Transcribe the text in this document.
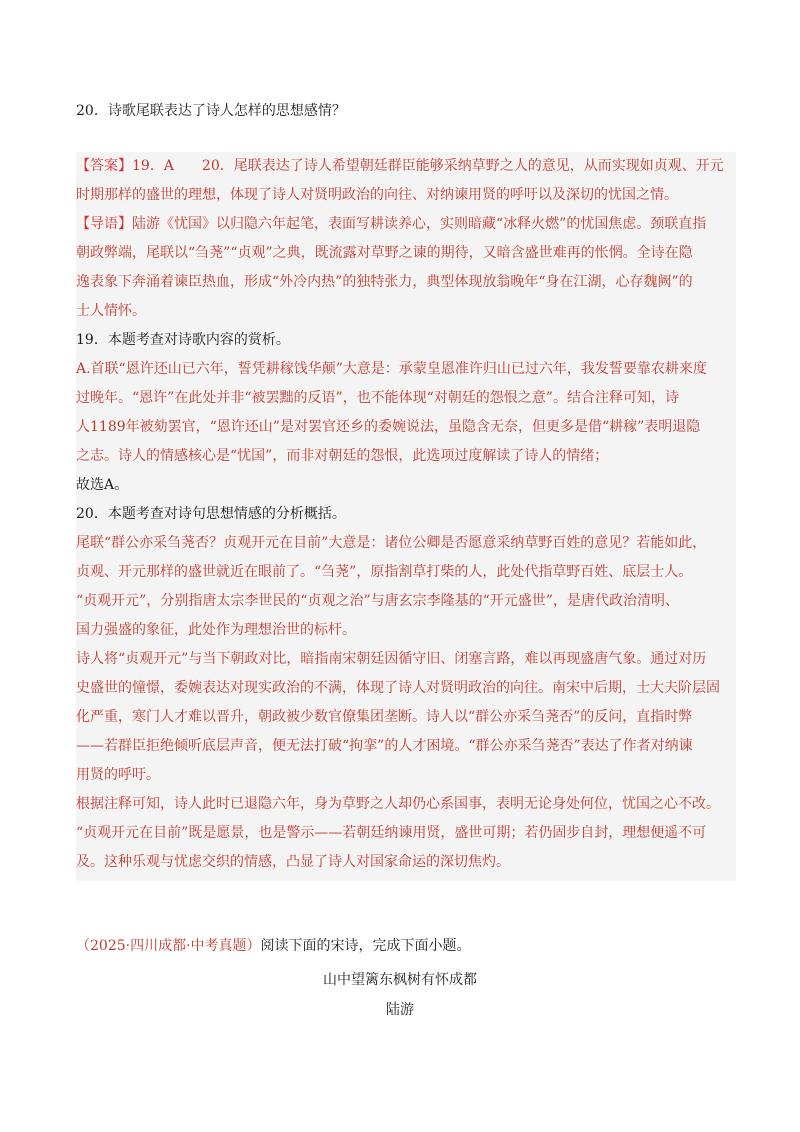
20．诗歌尾联表达了诗人怎样的思想感情？
【答案】19．A　　20．尾联表达了诗人希望朝廷群臣能够采纳草野之人的意见，从而实现如贞观、开元
时期那样的盛世的理想，体现了诗人对贤明政治的向往、对纳谏用贤的呼吁以及深切的忧国之情。
【导语】陆游《忧国》以归隐六年起笔，表面写耕读养心，实则暗藏“冰释火燃”的忧国焦虑。颈联直指
朝政弊端，尾联以“刍荛”“贞观”之典，既流露对草野之谏的期待，又暗含盛世难再的怅惘。全诗在隐
逸表象下奔涌着谏臣热血，形成“外冷内热”的独特张力，典型体现放翁晚年“身在江湖，心存魏阙”的
士人情怀。
19．本题考查对诗歌内容的赏析。
A.首联“恩许还山已六年，誓凭耕稼饯华颠”大意是：承蒙皇恩准许归山已过六年，我发誓要靠农耕来度
过晚年。“恩许”在此处并非“被罢黜的反语”，也不能体现“对朝廷的怨恨之意”。结合注释可知，诗
人1189年被劾罢官，“恩许还山”是对罢官还乡的委婉说法，虽隐含无奈，但更多是借“耕稼”表明退隐
之志。诗人的情感核心是“忧国”，而非对朝廷的怨恨，此选项过度解读了诗人的情绪；
故选A。
20．本题考查对诗句思想情感的分析概括。
尾联“群公亦采刍荛否？贞观开元在目前”大意是：诸位公卿是否愿意采纳草野百姓的意见？若能如此，
贞观、开元那样的盛世就近在眼前了。“刍荛”，原指割草打柴的人，此处代指草野百姓、底层士人。
“贞观开元”，分别指唐太宗李世民的“贞观之治”与唐玄宗李隆基的“开元盛世”，是唐代政治清明、
国力强盛的象征，此处作为理想治世的标杆。
诗人将“贞观开元”与当下朝政对比，暗指南宋朝廷因循守旧、闭塞言路，难以再现盛唐气象。通过对历
史盛世的憧憬，委婉表达对现实政治的不满，体现了诗人对贤明政治的向往。南宋中后期，士大夫阶层固
化严重，寒门人才难以晋升，朝政被少数官僚集团垄断。诗人以“群公亦采刍荛否”的反问，直指时弊
——若群臣拒绝倾听底层声音，便无法打破“拘挛”的人才困境。“群公亦采刍荛否”表达了作者对纳谏
用贤的呼吁。
根据注释可知，诗人此时已退隐六年，身为草野之人却仍心系国事，表明无论身处何位，忧国之心不改。
“贞观开元在目前”既是愿景，也是警示——若朝廷纳谏用贤，盛世可期；若仍固步自封，理想便遥不可
及。这种乐观与忧虑交织的情感，凸显了诗人对国家命运的深切焦灼。
（2025·四川成都·中考真题）阅读下面的宋诗，完成下面小题。
山中望篱东枫树有怀成都
陆游
